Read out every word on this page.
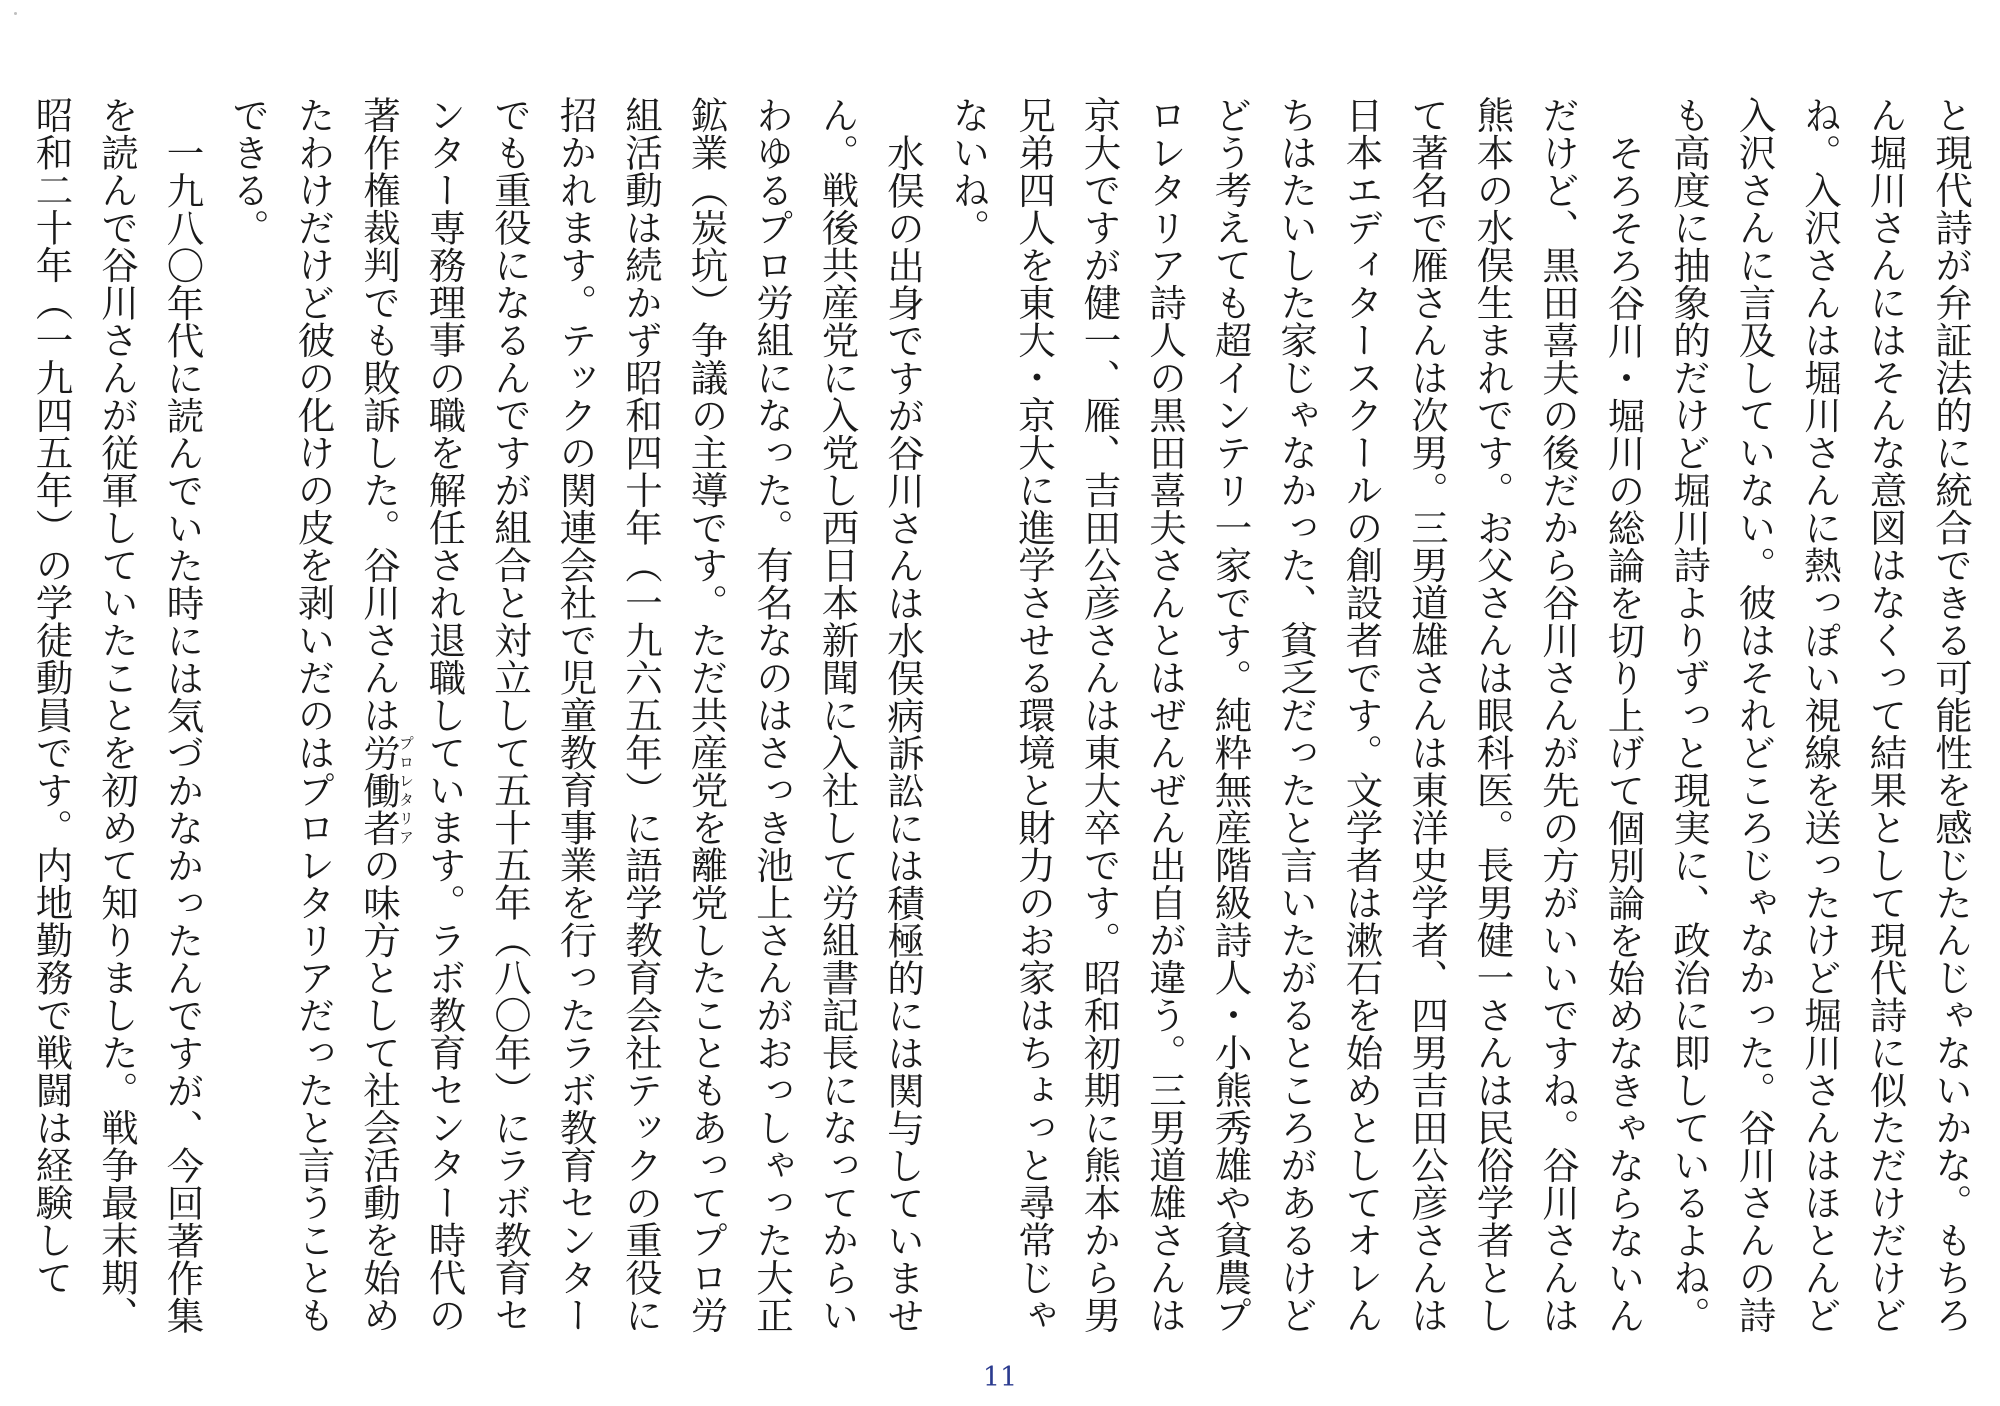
と現代詩が弁証法的に統合できる可能性を感じたんじゃないかな。もちろん堀川さんにはそんな意図はなくって結果として現代詩に似ただけだけどね。入沢さんは堀川さんに熱っぽい視線を送ったけど堀川さんはほとんど入沢さんに言及していない。彼はそれどころじゃなかった。谷川さんの詩も高度に抽象的だけど堀川詩よりずっと現実に、政治に即しているよね。

そろそろ谷川・堀川の総論を切り上げて個別論を始めなきゃならないんだけど、黒田喜夫の後だから谷川さんが先の方がいいですね。谷川さんは熊本の水俣生まれです。お父さんは眼科医。長男健一さんは民俗学者として著名で雁さんは次男。三男道雄さんは東洋史学者、四男吉田公彦さんは日本エディタースクールの創設者です。文学者は漱石を始めとしてオレんちはたいした家じゃなかった、貧乏だったと言いたがるところがあるけどどう考えても超インテリ一家です。純粋無産階級詩人・小熊秀雄や貧農プロレタリア詩人の黒田喜夫さんとはぜんぜん出自が違う。三男道雄さんは京大ですが健一、雁、吉田公彦さんは東大卒です。昭和初期に熊本から男兄弟四人を東大・京大に進学させる環境と財力のお家はちょっと尋常じゃないね。

水俣の出身ですが谷川さんは水俣病訴訟には積極的には関与していません。戦後共産党に入党し西日本新聞に入社して労組書記長になってからいわゆるプロ労組になった。有名なのはさっき池上さんがおっしゃった大正鉱業（炭坑）争議の主導です。ただ共産党を離党したこともあってプロ労組活動は続かず昭和四十年（一九六五年）に語学教育会社テックの重役に招かれます。テックの関連会社で児童教育事業を行ったラボ教育センターでも重役になるんですが組合と対立して五十五年（八〇年）にラボ教育センター専務理事の職を解任され退職しています。ラボ教育センター時代の著作権裁判でも敗訴した。谷川さんは労働者プロレタリアの味方として社会活動を始めたわけだけど彼の化けの皮を剥いだのはプロレタリアだったと言うこともできる。

一九八〇年代に読んでいた時には気づかなかったんですが、今回著作集を読んで谷川さんが従軍していたことを初めて知りました。戦争最末期、昭和二十年（一九四五年）の学徒動員です。内地勤務で戦闘は経験して

11
